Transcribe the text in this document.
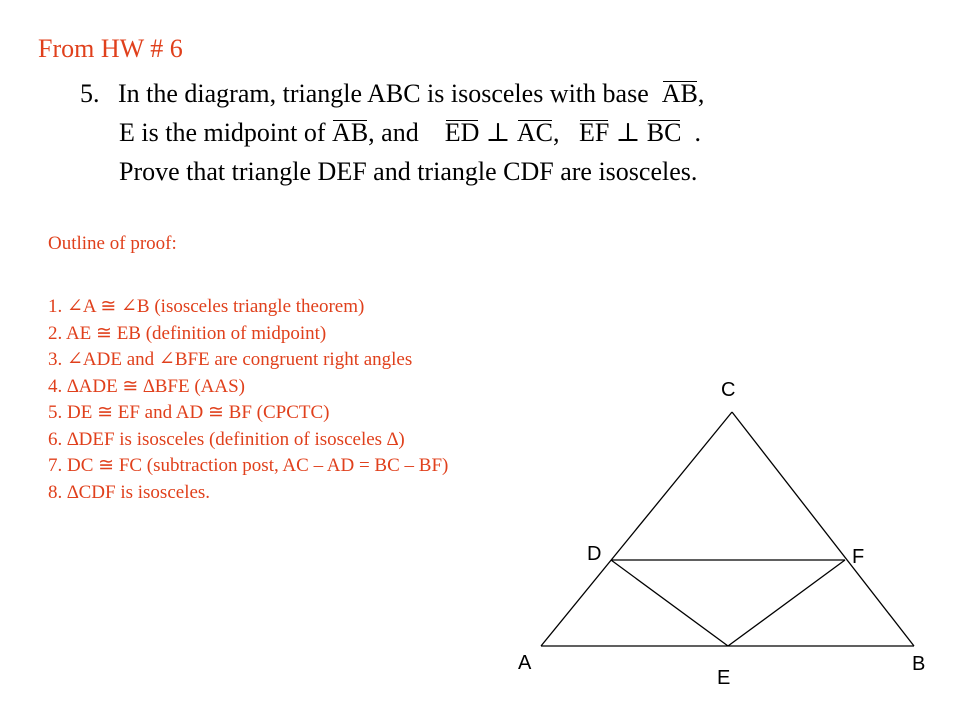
From HW # 6
5. In the diagram, triangle ABC is isosceles with base AB,
E is the midpoint of AB, and ED ⊥ AC, EF ⊥ BC .
Prove that triangle DEF and triangle CDF are isosceles.
Outline of proof:
1. ∠A ≅ ∠B (isosceles triangle theorem)
2. AE ≅ EB (definition of midpoint)
3. ∠ADE and ∠BFE are congruent right angles
4. ∆ADE ≅ ∆BFE (AAS)
5. DE ≅ EF and AD ≅ BF (CPCTC)
6. ∆DEF is isosceles (definition of isosceles ∆)
7. DC ≅ FC (subtraction post, AC – AD = BC – BF)
8. ∆CDF is isosceles.
C
D	F
A
E
B
